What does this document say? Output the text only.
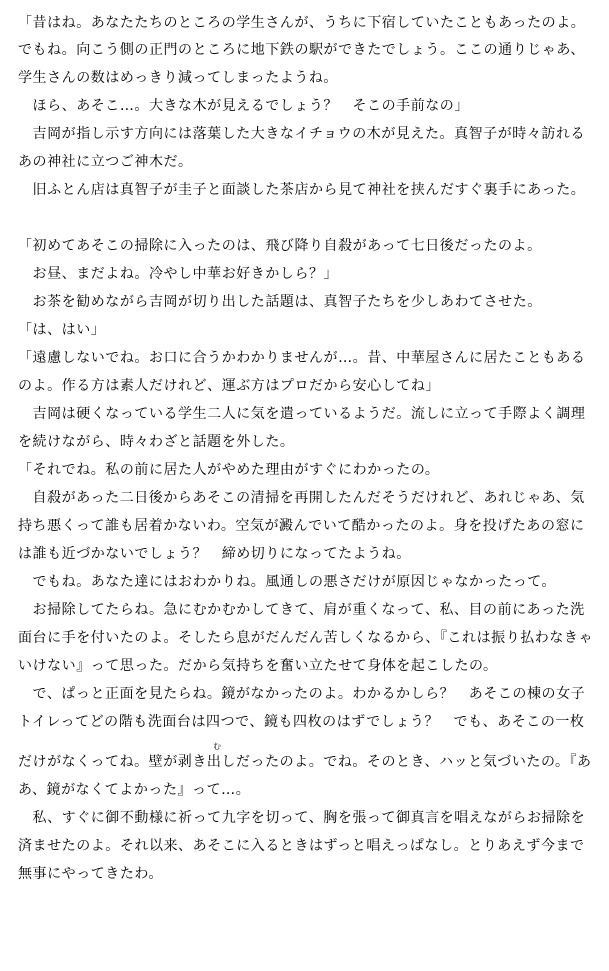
「昔はね。あなたたちのところの学生さんが、うちに下宿していたこともあったのよ。
でもね。向こう側の正門のところに地下鉄の駅ができたでしょう。ここの通りじゃあ、
学生さんの数はめっきり減ってしまったようね。
　ほら、あそこ…。大きな木が見えるでしょう？　そこの手前なの」
　吉岡が指し示す方向には落葉した大きなイチョウの木が見えた。真智子が時々訪れる
あの神社に立つご神木だ。
　旧ふとん店は真智子が圭子と面談した茶店から見て神社を挟んだすぐ裏手にあった。
「初めてあそこの掃除に入ったのは、飛び降り自殺があって七日後だったのよ。
　お昼、まだよね。冷やし中華お好きかしら？」
　お茶を勧めながら吉岡が切り出した話題は、真智子たちを少しあわてさせた。
「は、はい」
「遠慮しないでね。お口に合うかわかりませんが…。昔、中華屋さんに居たこともある
のよ。作る方は素人だけれど、運ぶ方はプロだから安心してね」
　吉岡は硬くなっている学生二人に気を遣っているようだ。流しに立って手際よく調理
を続けながら、時々わざと話題を外した。
「それでね。私の前に居た人がやめた理由がすぐにわかったの。
　自殺があった二日後からあそこの清掃を再開したんだそうだけれど、あれじゃあ、気
持ち悪くって誰も居着かないわ。空気が澱んでいて酷かったのよ。身を投げたあの窓に
は誰も近づかないでしょう？　締め切りになってたようね。
　でもね。あなた達にはおわかりね。風通しの悪さだけが原因じゃなかったって。
　お掃除してたらね。急にむかむかしてきて、肩が重くなって、私、目の前にあった洗
面台に手を付いたのよ。そしたら息がだんだん苦しくなるから、『これは振り払わなきゃ
いけない』って思った。だから気持ちを奮い立たせて身体を起こしたの。
　で、ぱっと正面を見たらね。鏡がなかったのよ。わかるかしら？　あそこの棟の女子
トイレってどの階も洗面台は四つで、鏡も四枚のはずでしょう？　でも、あそこの一枚
む
だけがなくってね。壁が剥き出しだったのよ。でね。そのとき、ハッと気づいたの。『あ
あ、鏡がなくてよかった』って…。
　私、すぐに御不動様に祈って九字を切って、胸を張って御真言を唱えながらお掃除を
済ませたのよ。それ以来、あそこに入るときはずっと唱えっぱなし。とりあえず今まで
無事にやってきたわ。
